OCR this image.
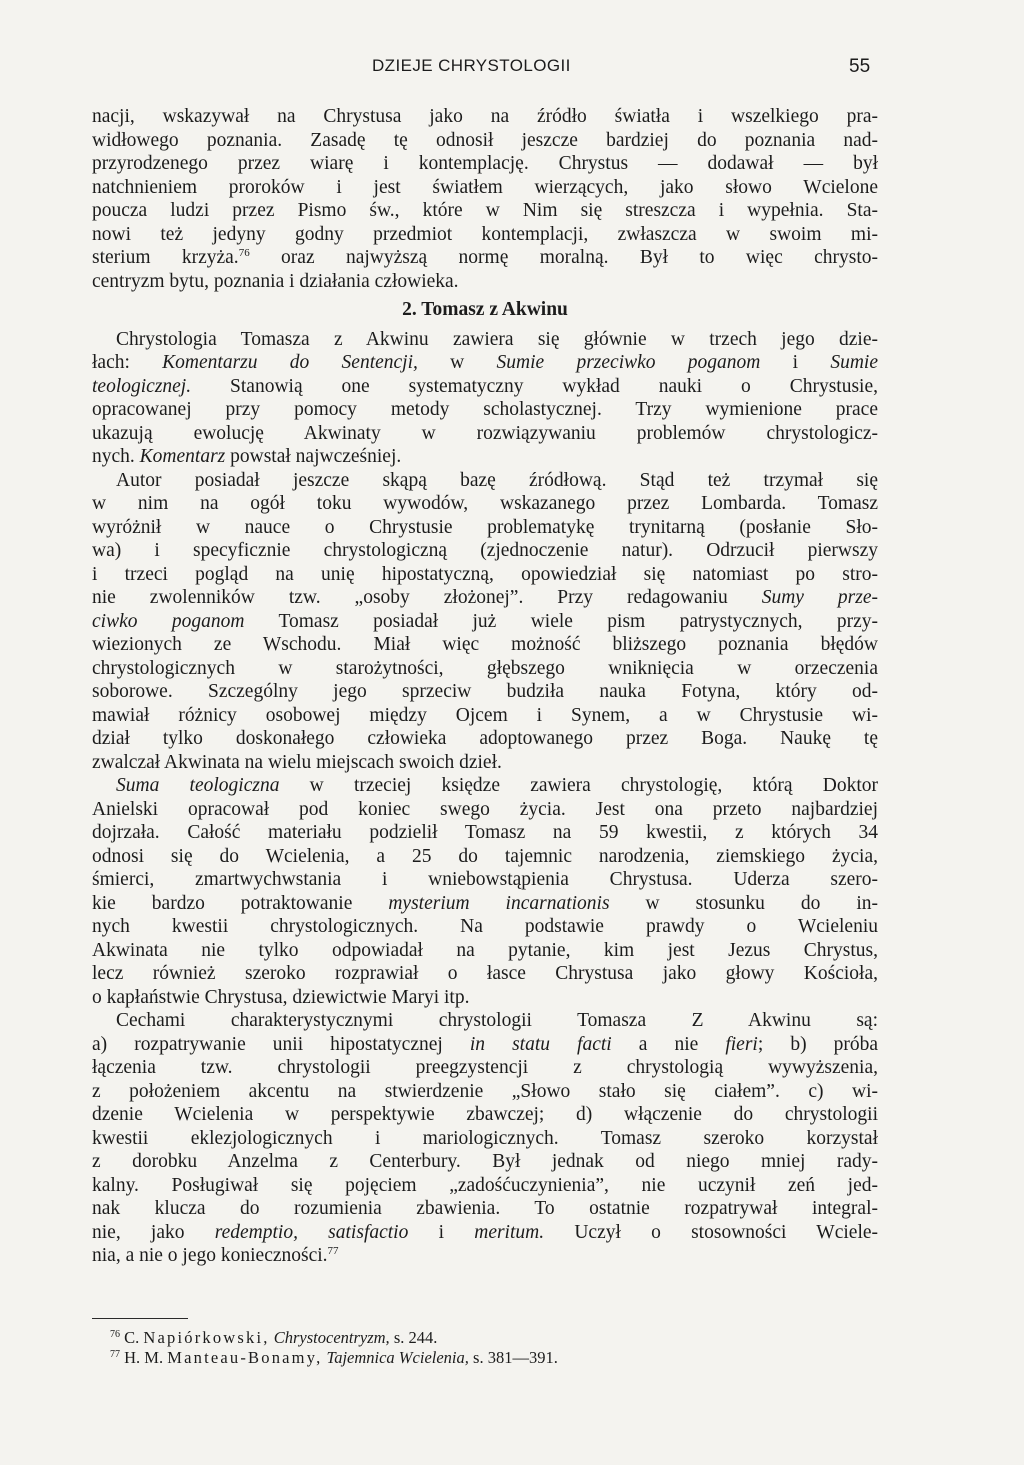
DZIEJE CHRYSTOLOGII	55

nacji, wskazywał na Chrystusa jako na źródło światła i wszelkiego pra-

widłowego poznania. Zasadę tę odnosił jeszcze bardziej do poznania nad-

przyrodzenego przez wiarę i kontemplację. Chrystus — dodawał — był

natchnieniem proroków i jest światłem wierzących, jako słowo Wcielone

poucza ludzi przez Pismo św., które w Nim się streszcza i wypełnia. Sta-

nowi też jedyny godny przedmiot kontemplacji, zwłaszcza w swoim mi-

sterium krzyża.$^{76}$ oraz najwyższą normę moralną. Był to więc chrysto-

centryzm bytu, poznania i działania człowieka.

2. Tomasz z Akwinu

Chrystologia Tomasza z Akwinu zawiera się głównie w trzech jego dzie-

łach: Komentarzu do Sentencji, w Sumie przeciwko poganom i Sumie

teologicznej. Stanowią one systematyczny wykład nauki o Chrystusie,

opracowanej przy pomocy metody scholastycznej. Trzy wymienione prace

ukazują ewolucję Akwinaty w rozwiązywaniu problemów chrystologicz-

nych. Komentarz powstał najwcześniej.

Autor posiadał jeszcze skąpą bazę źródłową. Stąd też trzymał się

w nim na ogół toku wywodów, wskazanego przez Lombarda. Tomasz

wyróżnił w nauce o Chrystusie problematykę trynitarną (posłanie Sło-

wa) i specyficznie chrystologiczną (zjednoczenie natur). Odrzucił pierwszy

i trzeci pogląd na unię hipostatyczną, opowiedział się natomiast po stro-

nie zwolenników tzw. „osoby złożonej”. Przy redagowaniu Sumy prze-

ciwko poganom Tomasz posiadał już wiele pism patrystycznych, przy-

wiezionych ze Wschodu. Miał więc możność bliższego poznania błędów

chrystologicznych w starożytności, głębszego wniknięcia w orzeczenia

soborowe. Szczególny jego sprzeciw budziła nauka Fotyna, który od-

mawiał różnicy osobowej między Ojcem i Synem, a w Chrystusie wi-

dział tylko doskonałego człowieka adoptowanego przez Boga. Naukę tę

zwalczał Akwinata na wielu miejscach swoich dzieł.

Suma teologiczna w trzeciej księdze zawiera chrystologię, którą Doktor

Anielski opracował pod koniec swego życia. Jest ona przeto najbardziej

dojrzała. Całość materiału podzielił Tomasz na 59 kwestii, z których 34

odnosi się do Wcielenia, a 25 do tajemnic narodzenia, ziemskiego życia,

śmierci, zmartwychwstania i wniebowstąpienia Chrystusa. Uderza szero-

kie bardzo potraktowanie mysterium incarnationis w stosunku do in-

nych kwestii chrystologicznych. Na podstawie prawdy o Wcieleniu

Akwinata nie tylko odpowiadał na pytanie, kim jest Jezus Chrystus,

lecz również szeroko rozprawiał o łasce Chrystusa jako głowy Kościoła,

o kapłaństwie Chrystusa, dziewictwie Maryi itp.

Cechami charakterystycznymi chrystologii Tomasza Z Akwinu są:

a) rozpatrywanie unii hipostatycznej in statu facti a nie fieri; b) próba

łączenia tzw. chrystologii preegzystencji z chrystologią wywyższenia,

z położeniem akcentu na stwierdzenie „Słowo stało się ciałem”. c) wi-

dzenie Wcielenia w perspektywie zbawczej; d) włączenie do chrystologii

kwestii eklezjologicznych i mariologicznych. Tomasz szeroko korzystał

z dorobku Anzelma z Centerbury. Był jednak od niego mniej rady-

kalny. Posługiwał się pojęciem „zadośćuczynienia”, nie uczynił zeń jed-

nak klucza do rozumienia zbawienia. To ostatnie rozpatrywał integral-

nie, jako redemptio, satisfactio i meritum. Uczył o stosowności Wciele-

nia, a nie o jego konieczności.$^{77}$

$^{76}$ C. Napiórkowski, Chrystocentryzm, s. 244.

$^{77}$ H. M. Manteau-Bonamy, Tajemnica Wcielenia, s. 381—391.
